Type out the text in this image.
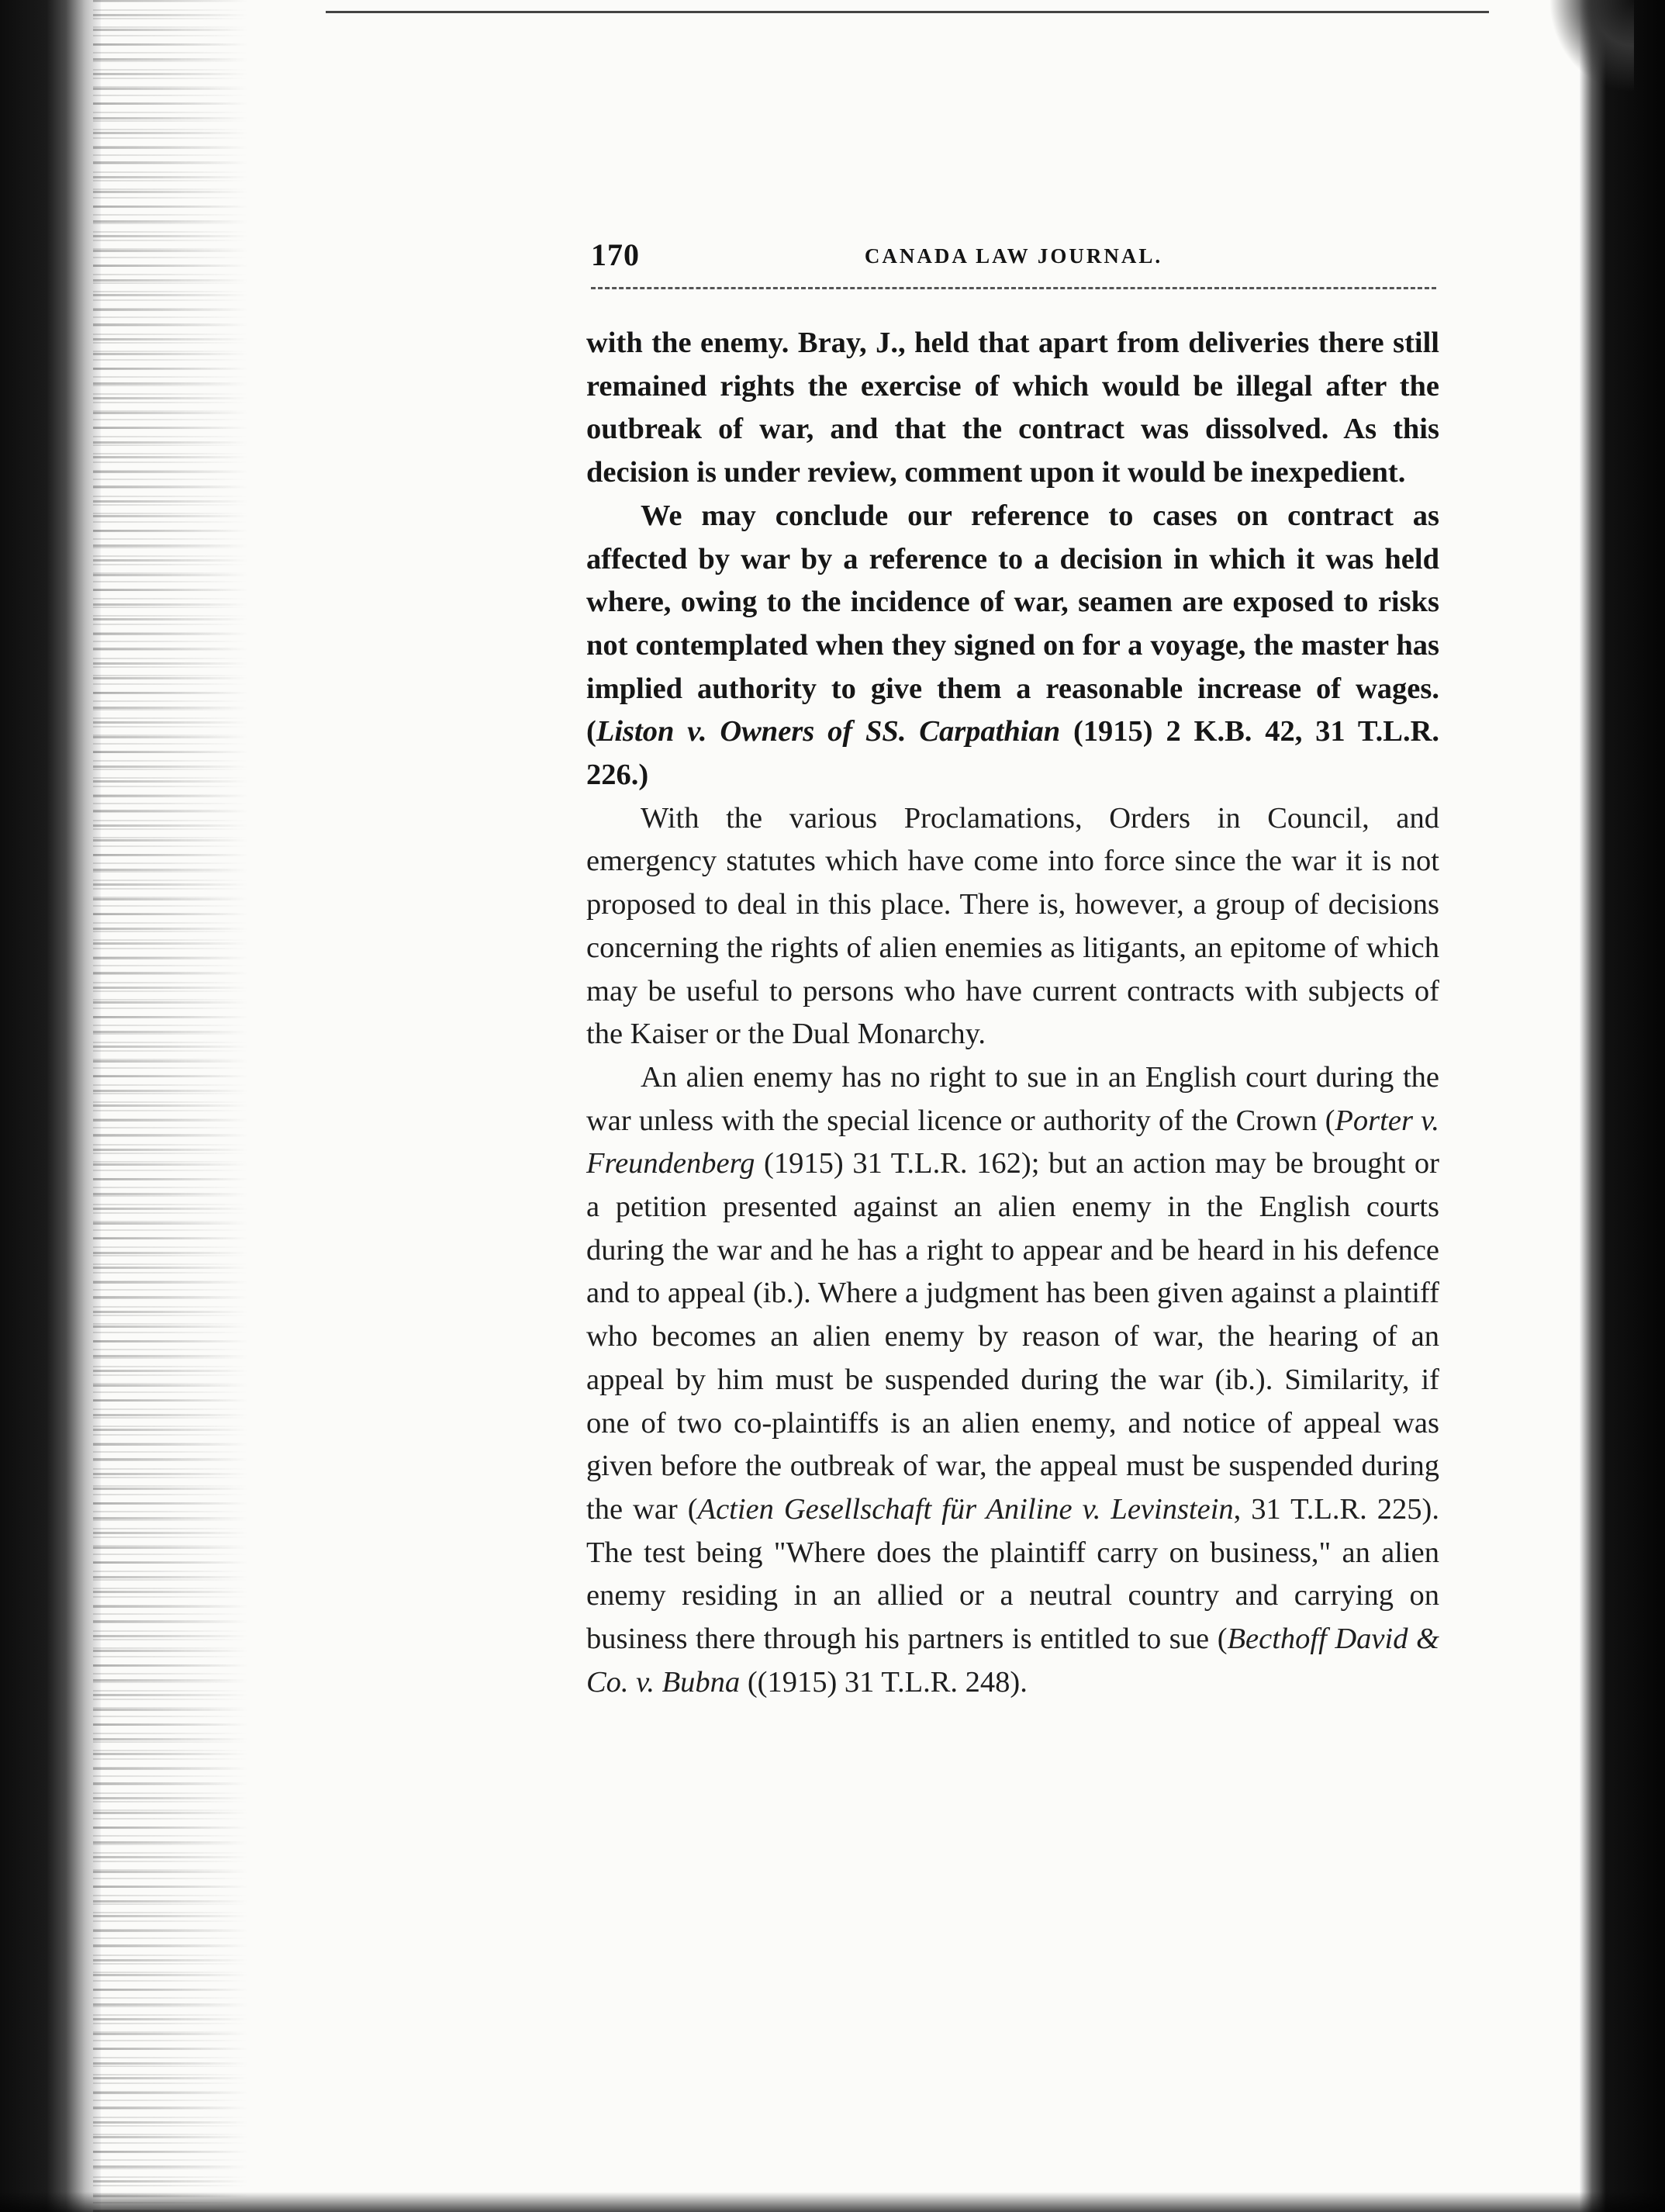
170	CANADA LAW JOURNAL.

with the enemy. Bray, J., held that apart from deliveries there still remained rights the exercise of which would be illegal after the outbreak of war, and that the contract was dissolved. As this decision is under review, comment upon it would be inexpedient.

We may conclude our reference to cases on contract as affected by war by a reference to a decision in which it was held where, owing to the incidence of war, seamen are exposed to risks not contemplated when they signed on for a voyage, the master has implied authority to give them a reasonable increase of wages. (Liston v. Owners of SS. Carpathian (1915) 2 K.B. 42, 31 T.L.R. 226.)

With the various Proclamations, Orders in Council, and emergency statutes which have come into force since the war it is not proposed to deal in this place. There is, however, a group of decisions concerning the rights of alien enemies as litigants, an epitome of which may be useful to persons who have current contracts with subjects of the Kaiser or the Dual Monarchy.

An alien enemy has no right to sue in an English court during the war unless with the special licence or authority of the Crown (Porter v. Freundenberg (1915) 31 T.L.R. 162); but an action may be brought or a petition presented against an alien enemy in the English courts during the war and he has a right to appear and be heard in his defence and to appeal (ib.). Where a judgment has been given against a plaintiff who becomes an alien enemy by reason of war, the hearing of an appeal by him must be suspended during the war (ib.). Similarity, if one of two co-plaintiffs is an alien enemy, and notice of appeal was given before the outbreak of war, the appeal must be suspended during the war (Actien Gesellschaft für Aniline v. Levinstein, 31 T.L.R. 225). The test being "Where does the plaintiff carry on business," an alien enemy residing in an allied or a neutral country and carrying on business there through his partners is entitled to sue (Becthoff David & Co. v. Bubna ((1915) 31 T.L.R. 248).
